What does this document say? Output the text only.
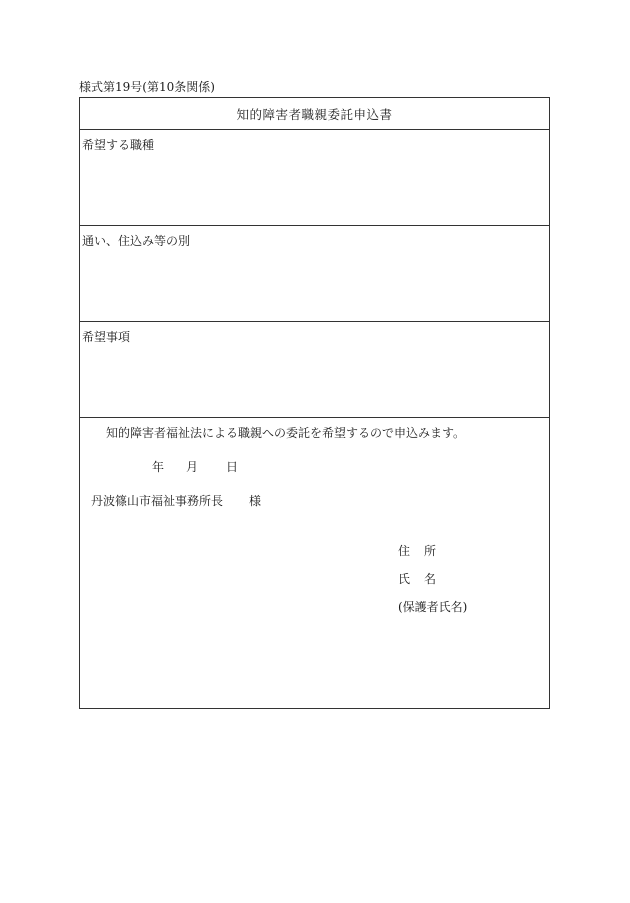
様式第19号(第10条関係)
知的障害者職親委託申込書
希望する職種
通い、住込み等の別
希望事項
知的障害者福祉法による職親への委託を希望するので申込みます。
年 月 日
丹波篠山市福祉事務所長 様
住 所
氏 名
(保護者氏名)
